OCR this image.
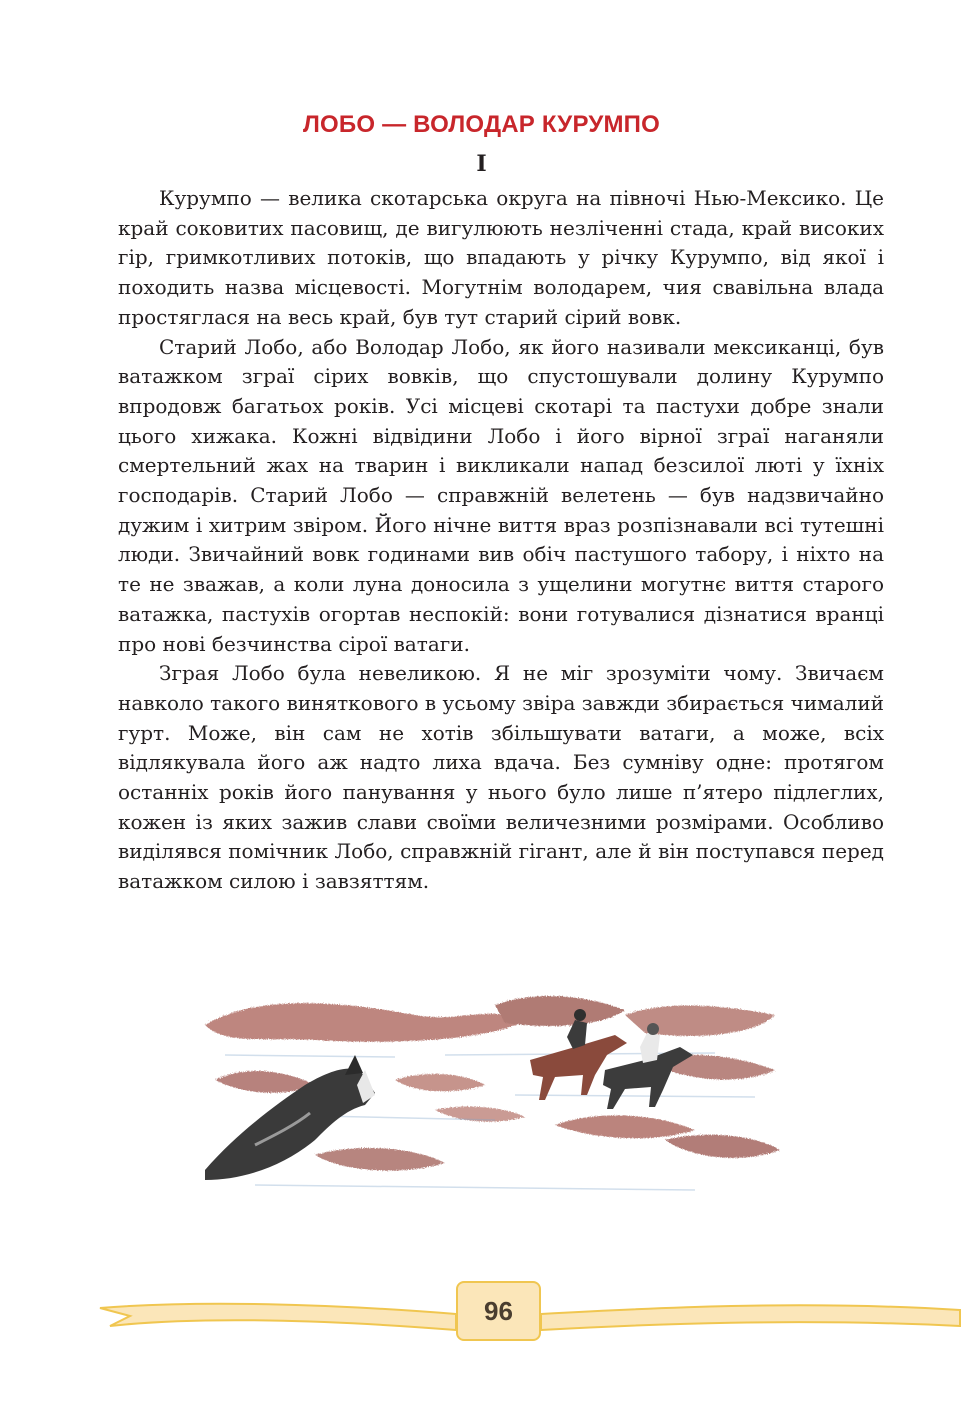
ЛОБО — ВОЛОДАР КУРУМПО
I

Курумпо — велика скотарська округа на півночі Нью-Мексико. Це край соковитих пасовищ, де вигулюють незліченні стада, край високих гір, гримкотливих потоків, що впадають у річку Курумпо, від якої і походить назва місцевості. Могутнім володарем, чия свавільна влада простяглася на весь край, був тут старий сірий вовк.

Старий Лобо, або Володар Лобо, як його називали мексиканці, був ватажком зграї сірих вовків, що спустошували долину Курумпо впродовж багатьох років. Усі місцеві скотарі та пастухи добре знали цього хижака. Кожні відвідини Лобо і його вірної зграї наганяли смертельний жах на тварин і викликали напад безсилої люті у їхніх господарів. Старий Лобо — справжній велетень — був надзвичайно дужим і хитрим звіром. Його нічне виття враз розпізнавали всі тутешні люди. Звичайний вовк годинами вив обіч пастушого табору, і ніхто на те не зважав, а коли луна доносила з ущелини могутнє виття старого ватажка, пастухів огортав неспокій: вони готувалися дізнатися вранці про нові безчинства сірої ватаги.

Зграя Лобо була невеликою. Я не міг зрозуміти чому. Звичаєм навколо такого виняткового в усьому звіра завжди збирається чималий гурт. Може, він сам не хотів збільшувати ватаги, а може, всіх відлякувала його аж надто лиха вдача. Без сумніву одне: протягом останніх років його панування у нього було лише п’ятеро підлеглих, кожен із яких зажив слави своїми величезними розмірами. Особливо виділявся помічник Лобо, справжній гігант, але й він поступався перед ватажком силою і завзяттям.

96
